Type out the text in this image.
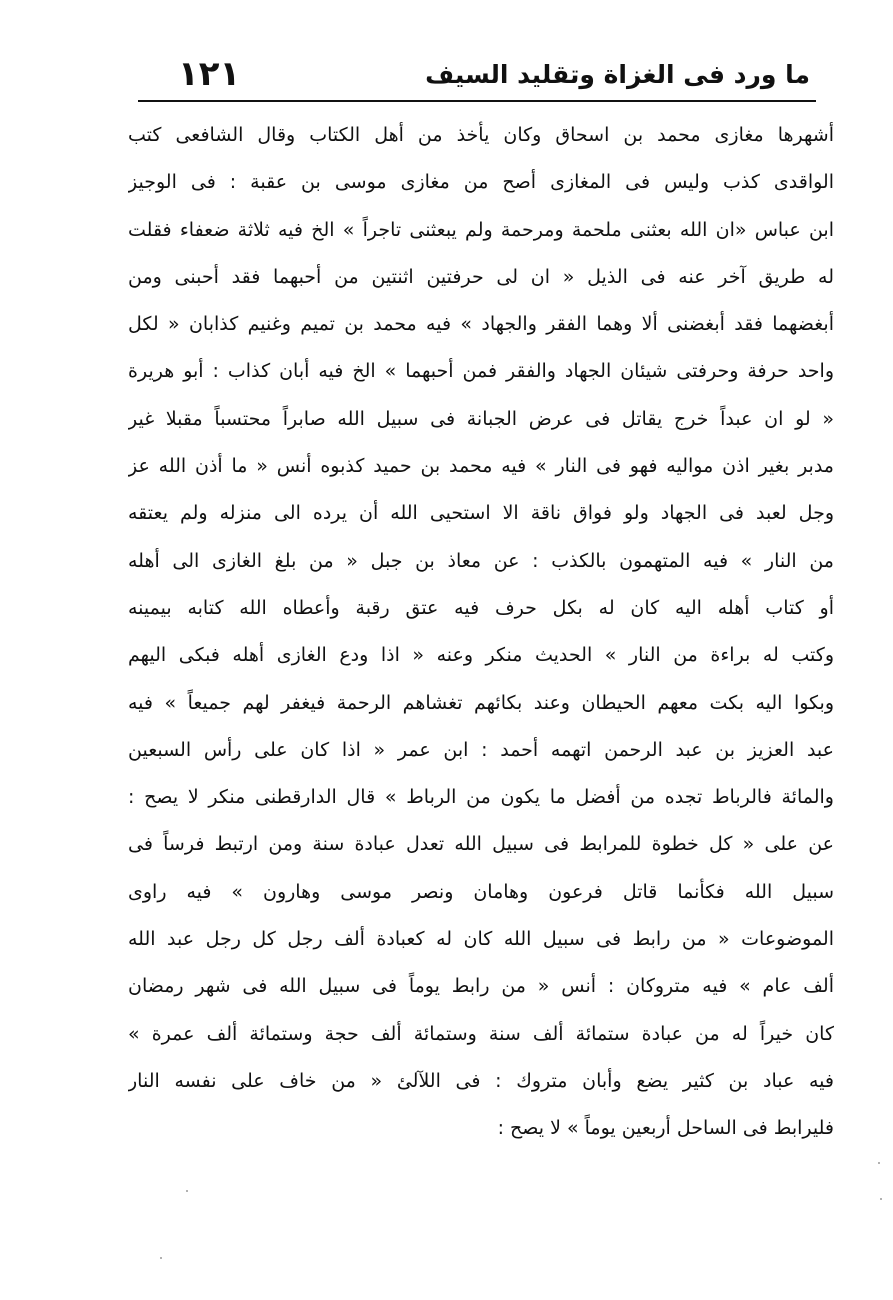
١٢١	ما ورد فى الغزاة وتقليد السيف
أشهرها مغازى محمد بن اسحاق وكان يأخذ من أهل الكتاب وقال الشافعى كتب
الواقدى كذب وليس فى المغازى أصح من مغازى موسى بن عقبة : فى الوجيز
ابن عباس «ان الله بعثنى ملحمة ومرحمة ولم يبعثنى تاجراً » الخ فيه ثلاثة ضعفاء فقلت
له طريق آخر عنه فى الذيل « ان لى حرفتين اثنتين من أحبهما فقد أحبنى ومن
أبغضهما فقد أبغضنى ألا وهما الفقر والجهاد » فيه محمد بن تميم وغنيم كذابان « لكل
واحد حرفة وحرفتى شيئان الجهاد والفقر فمن أحبهما » الخ فيه أبان كذاب : أبو هريرة
« لو ان عبداً خرج يقاتل فى عرض الجبانة فى سبيل الله صابراً محتسباً مقبلا غير
مدبر بغير اذن مواليه فهو فى النار » فيه محمد بن حميد كذبوه أنس « ما أذن الله عز
وجل لعبد فى الجهاد ولو فواق ناقة الا استحيى الله أن يرده الى منزله ولم يعتقه
من النار » فيه المتهمون بالكذب : عن معاذ بن جبل « من بلغ الغازى الى أهله
أو كتاب أهله اليه كان له بكل حرف فيه عتق رقبة وأعطاه الله كتابه بيمينه
وكتب له براءة من النار » الحديث منكر وعنه « اذا ودع الغازى أهله فبكى اليهم
وبكوا اليه بكت معهم الحيطان وعند بكائهم تغشاهم الرحمة فيغفر لهم جميعاً » فيه
عبد العزيز بن عبد الرحمن اتهمه أحمد : ابن عمر « اذا كان على رأس السبعين
والمائة فالرباط تجده من أفضل ما يكون من الرباط » قال الدارقطنى منكر لا يصح :
عن على « كل خطوة للمرابط فى سبيل الله تعدل عبادة سنة ومن ارتبط فرساً فى
سبيل الله فكأنما قاتل فرعون وهامان ونصر موسى وهارون » فيه راوى
الموضوعات « من رابط فى سبيل الله كان له كعبادة ألف رجل كل رجل عبد الله
ألف عام » فيه متروكان : أنس « من رابط يوماً فى سبيل الله فى شهر رمضان
كان خيراً له من عبادة ستمائة ألف سنة وستمائة ألف حجة وستمائة ألف عمرة »
فيه عباد بن كثير يضع وأبان متروك : فى اللآلئ « من خاف على نفسه النار
فليرابط فى الساحل أربعين يوماً » لا يصح :
